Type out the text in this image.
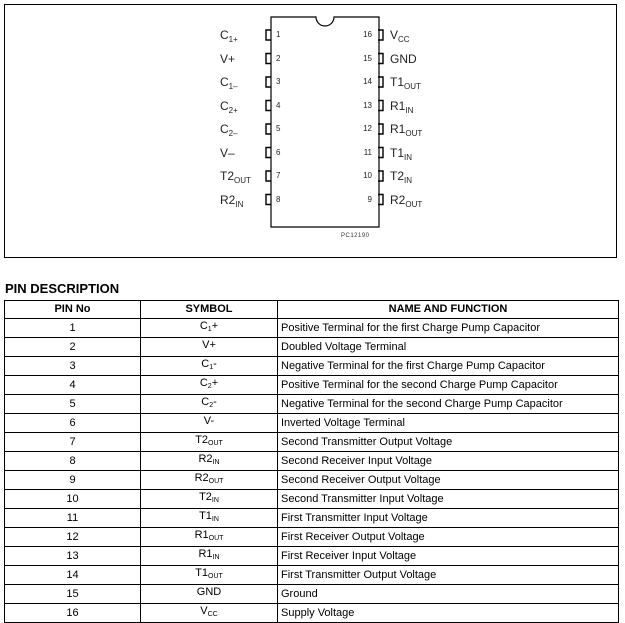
1
$C_{1+}$
2
V+
3
$C_{1-}$
4
$C_{2+}$
5
$C_{2-}$
6
V–
7
$T2_{OUT}$
8
$R2_{IN}$
16 $V_{CC}$
15 GND
14 $T1_{OUT}$
13 $R1_{IN}$
12 $R1_{OUT}$
11 $T1_{IN}$
10 $T2_{IN}$
9 $R2_{OUT}$
PC12190
PIN DESCRIPTION
PIN No	SYMBOL	NAME AND FUNCTION
1	$C_1+$	Positive Terminal for the first Charge Pump Capacitor
2	V+	Doubled Voltage Terminal
3	$C_1-$	Negative Terminal for the first Charge Pump Capacitor
4	$C_2+$	Positive Terminal for the second Charge Pump Capacitor
5	$C_2-$	Negative Terminal for the second Charge Pump Capacitor
6	V-	Inverted Voltage Terminal
7	$T2_{OUT}$	Second Transmitter Output Voltage
8	$R2_{IN}$	Second Receiver Input Voltage
9	$R2_{OUT}$	Second Receiver Output Voltage
10	$T2_{IN}$	Second Transmitter Input Voltage
11	$T1_{IN}$	First Transmitter Input Voltage
12	$R1_{OUT}$	First Receiver Output Voltage
13	$R1_{IN}$	First Receiver Input Voltage
14	$T1_{OUT}$	First Transmitter Output Voltage
15	GND	Ground
16	$V_{CC}$	Supply Voltage
